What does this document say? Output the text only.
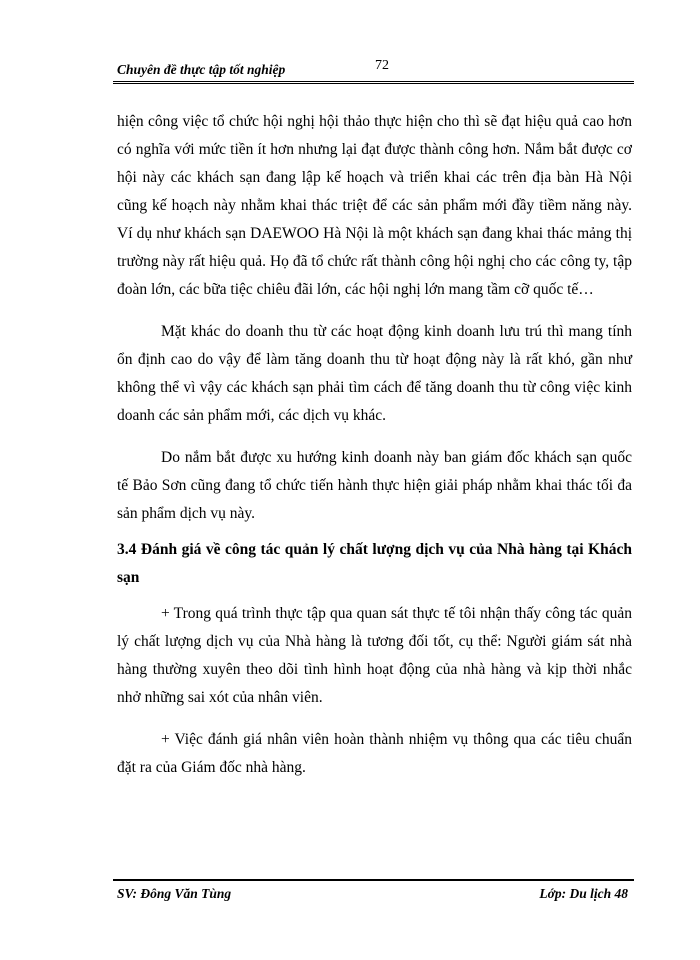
Chuyên đề thực tập tốt nghiệp	72

hiện công việc tổ chức hội nghị hội thảo thực hiện cho thì sẽ đạt hiệu quả cao hơn có nghĩa với mức tiền ít hơn nhưng lại đạt được thành công hơn. Nắm bắt được cơ hội này các khách sạn đang lập kế hoạch và triển khai các trên địa bàn Hà Nội cũng kế hoạch này nhằm khai thác triệt để các sản phẩm mới đầy tiềm năng này. Ví dụ như khách sạn DAEWOO Hà Nội là một khách sạn đang khai thác mảng thị trường này rất hiệu quả. Họ đã tổ chức rất thành công hội nghị cho các công ty, tập đoàn lớn, các bữa tiệc chiêu đãi lớn, các hội nghị lớn mang tầm cỡ quốc tế…

Mặt khác do doanh thu từ các hoạt động kinh doanh lưu trú thì mang tính ổn định cao do vậy để làm tăng doanh thu từ hoạt động này là rất khó, gần như không thể vì vậy các khách sạn phải tìm cách để tăng doanh thu từ công việc kinh doanh các sản phẩm mới, các dịch vụ khác.

Do nắm bắt được xu hướng kinh doanh này ban giám đốc khách sạn quốc tế Bảo Sơn cũng đang tổ chức tiến hành thực hiện giải pháp nhằm khai thác tối đa sản phẩm dịch vụ này.

3.4 Đánh giá về công tác quản lý chất lượng dịch vụ của Nhà hàng tại Khách sạn

+ Trong quá trình thực tập qua quan sát thực tế tôi nhận thấy công tác quản lý chất lượng dịch vụ của Nhà hàng là tương đối tốt, cụ thể: Người giám sát nhà hàng thường xuyên theo dõi tình hình hoạt động của nhà hàng và kịp thời nhắc nhở những sai xót của nhân viên.

+ Việc đánh giá nhân viên hoàn thành nhiệm vụ thông qua các tiêu chuẩn đặt ra của Giám đốc nhà hàng.

SV: Đông Văn Tùng	Lớp: Du lịch 48
